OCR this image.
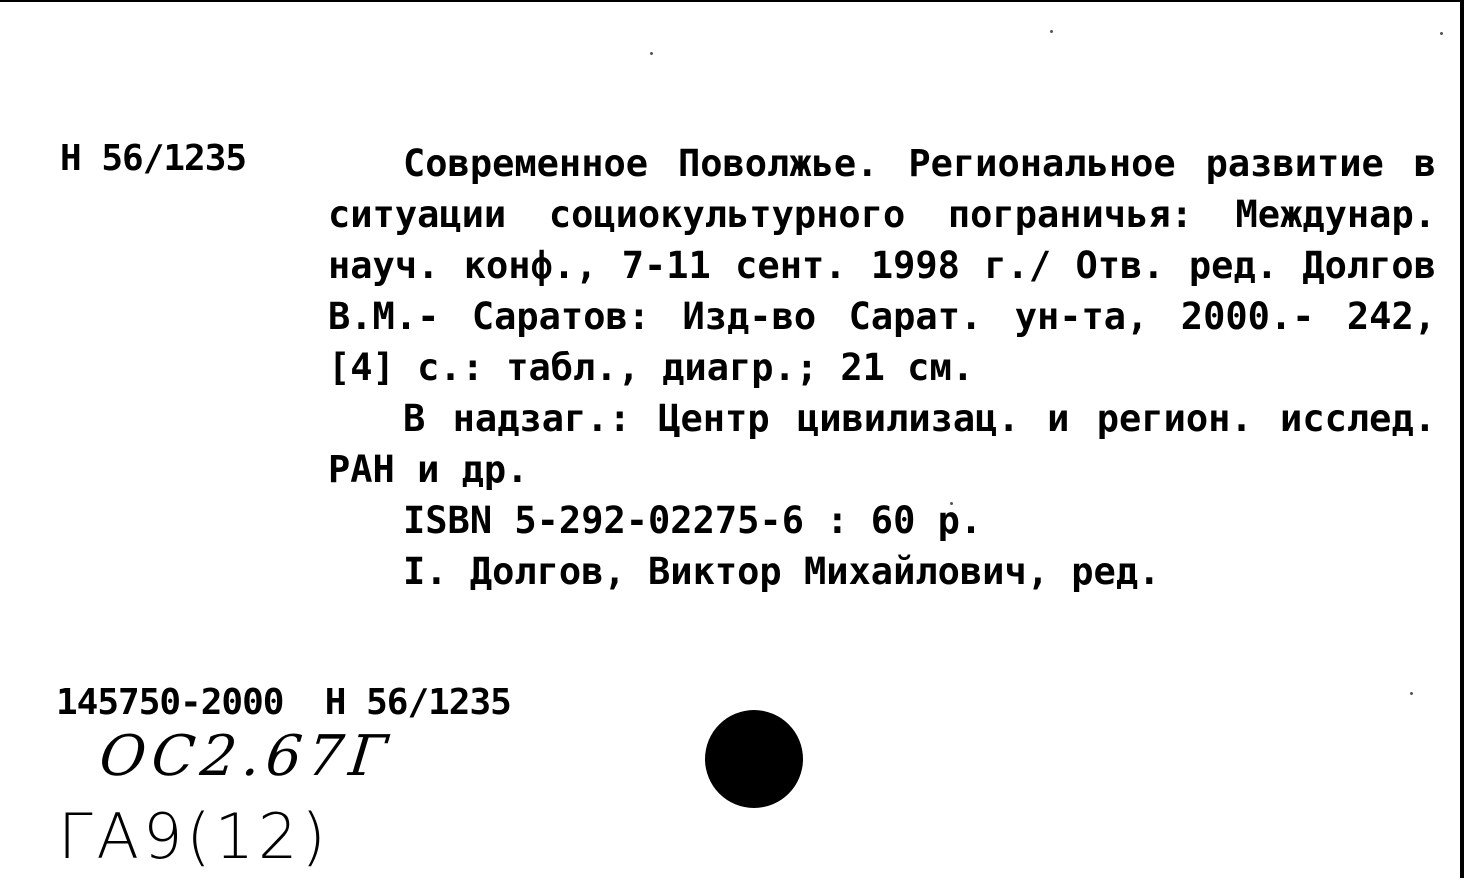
Н 56/1235	Современное Поволжье. Региональное развитие в ситуации социокультурного пограничья: Междунар. науч. конф., 7-11 сент. 1998 г./ Отв. ред. Долгов В.М.- Саратов: Изд-во Сарат. ун-та, 2000.- 242, [4] с.: табл., диагр.; 21 см.

В надзаг.: Центр цивилизац. и регион. исслед. РАН и др.

ISBN 5-292-02275-6 : 60 р.

I. Долгов, Виктор Михайлович, ред.

145750-2000  Н 56/1235
ОС2.67Г
ГА9(12)
